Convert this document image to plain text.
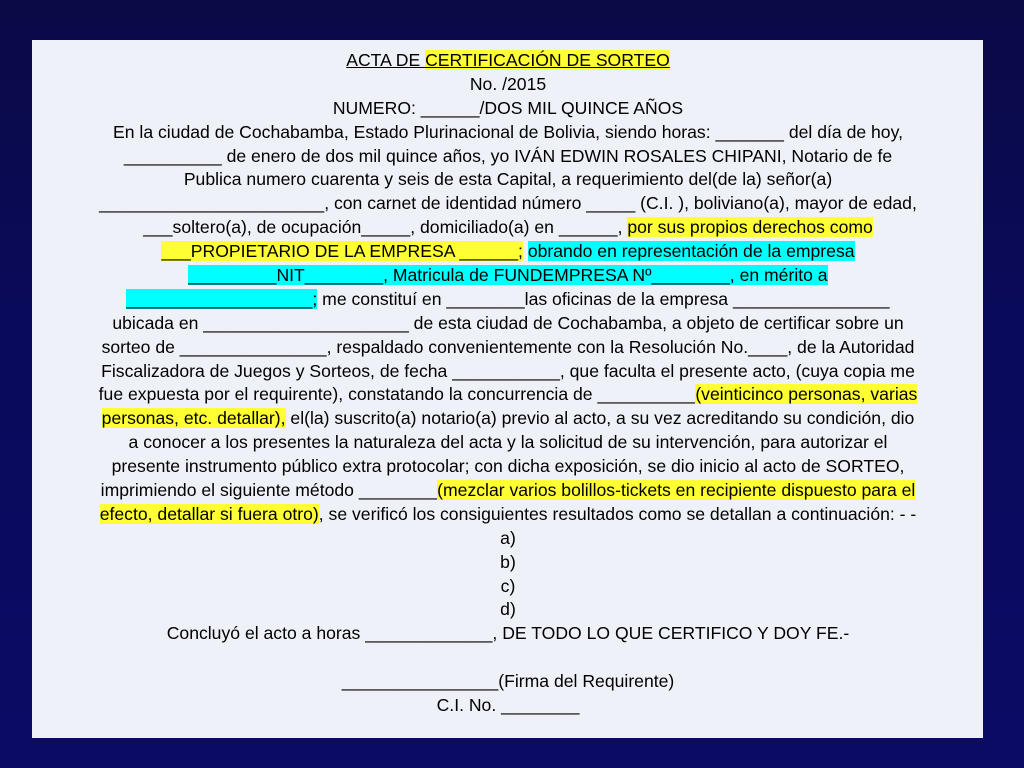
ACTA DE CERTIFICACIÓN DE SORTEO
No. /2015
NUMERO: ______/DOS MIL QUINCE AÑOS
En la ciudad de Cochabamba, Estado Plurinacional de Bolivia, siendo horas: _______ del día de hoy,
__________ de enero de dos mil quince años, yo IVÁN EDWIN ROSALES CHIPANI, Notario de fe
Publica numero cuarenta y seis de esta Capital, a requerimiento del(de la) señor(a)
_______________________, con carnet de identidad número _____ (C.I. ), boliviano(a), mayor de edad,
___soltero(a), de ocupación_____, domiciliado(a) en ______, por sus propios derechos como
___PROPIETARIO DE LA EMPRESA ______; obrando en representación de la empresa
_________NIT________, Matricula de FUNDEMPRESA Nº________, en mérito a
___________________; me constituí en ________las oficinas de la empresa ________________
ubicada en _____________________ de esta ciudad de Cochabamba, a objeto de certificar sobre un
sorteo de _______________, respaldado convenientemente con la Resolución No.____, de la Autoridad
Fiscalizadora de Juegos y Sorteos, de fecha ___________, que faculta el presente acto, (cuya copia me
fue expuesta por el requirente), constatando la concurrencia de __________(veinticinco personas, varias
personas, etc. detallar), el(la) suscrito(a) notario(a) previo al acto, a su vez acreditando su condición, dio
a conocer a los presentes la naturaleza del acta y la solicitud de su intervención, para autorizar el
presente instrumento público extra protocolar; con dicha exposición, se dio inicio al acto de SORTEO,
imprimiendo el siguiente método ________(mezclar varios bolillos-tickets en recipiente dispuesto para el
efecto, detallar si fuera otro), se verificó los consiguientes resultados como se detallan a continuación: - -
a)
b)
c)
d)
Concluyó el acto a horas _____________, DE TODO LO QUE CERTIFICO Y DOY FE.-
________________(Firma del Requirente)
C.I. No. ________
